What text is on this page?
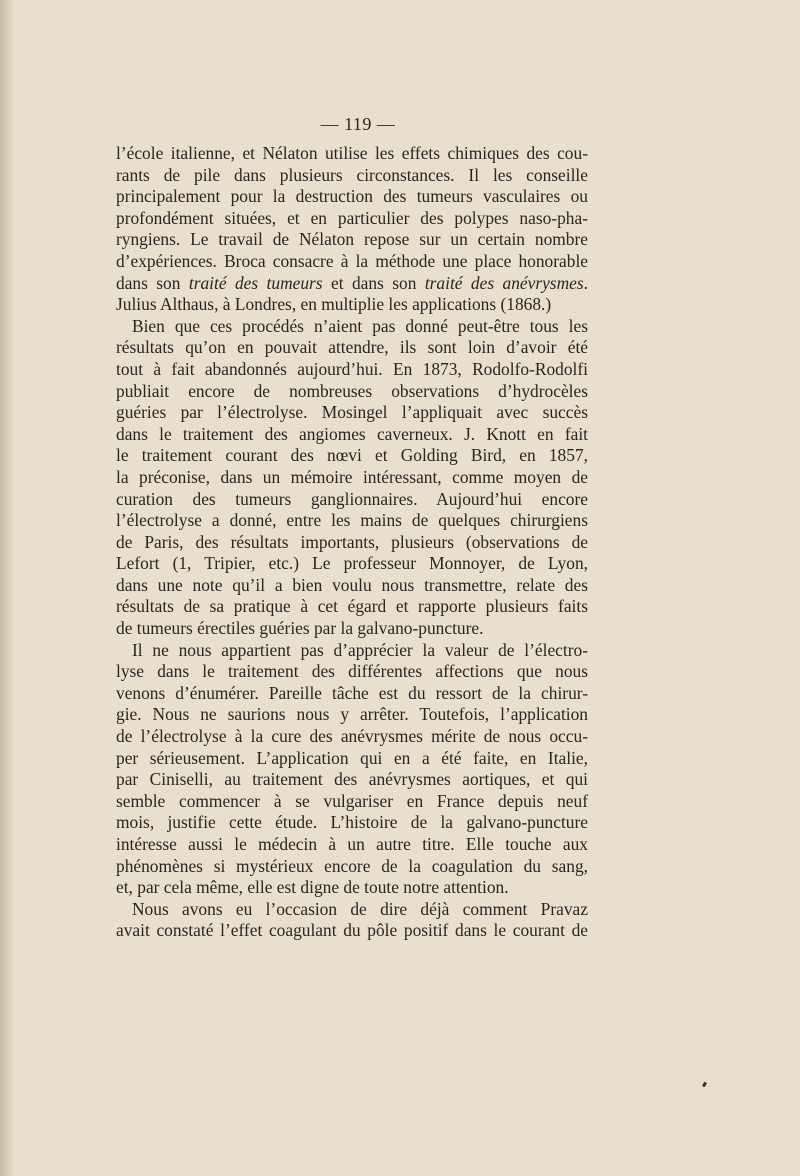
— 119 —
l’école italienne, et Nélaton utilise les effets chimiques des cou-
rants de pile dans plusieurs circonstances. Il les conseille
principalement pour la destruction des tumeurs vasculaires ou
profondément situées, et en particulier des polypes naso-pha-
ryngiens. Le travail de Nélaton repose sur un certain nombre
d’expériences. Broca consacre à la méthode une place honorable
dans son traité des tumeurs et dans son traité des anévrysmes.
Julius Althaus, à Londres, en multiplie les applications (1868.)
Bien que ces procédés n’aient pas donné peut-être tous les
résultats qu’on en pouvait attendre, ils sont loin d’avoir été
tout à fait abandonnés aujourd’hui. En 1873, Rodolfo-Rodolfi
publiait encore de nombreuses observations d’hydrocèles
guéries par l’électrolyse. Mosingel l’appliquait avec succès
dans le traitement des angiomes caverneux. J. Knott en fait
le traitement courant des nœvi et Golding Bird, en 1857,
la préconise, dans un mémoire intéressant, comme moyen de
curation des tumeurs ganglionnaires. Aujourd’hui encore
l’électrolyse a donné, entre les mains de quelques chirurgiens
de Paris, des résultats importants, plusieurs (observations de
Lefort (1, Tripier, etc.) Le professeur Monnoyer, de Lyon,
dans une note qu’il a bien voulu nous transmettre, relate des
résultats de sa pratique à cet égard et rapporte plusieurs faits
de tumeurs érectiles guéries par la galvano-puncture.
Il ne nous appartient pas d’apprécier la valeur de l’électro-
lyse dans le traitement des différentes affections que nous
venons d’énumérer. Pareille tâche est du ressort de la chirur-
gie. Nous ne saurions nous y arrêter. Toutefois, l’application
de l’électrolyse à la cure des anévrysmes mérite de nous occu-
per sérieusement. L’application qui en a été faite, en Italie,
par Ciniselli, au traitement des anévrysmes aortiques, et qui
semble commencer à se vulgariser en France depuis neuf
mois, justifie cette étude. L’histoire de la galvano-puncture
intéresse aussi le médecin à un autre titre. Elle touche aux
phénomènes si mystérieux encore de la coagulation du sang,
et, par cela même, elle est digne de toute notre attention.
Nous avons eu l’occasion de dire déjà comment Pravaz
avait constaté l’effet coagulant du pôle positif dans le courant de
